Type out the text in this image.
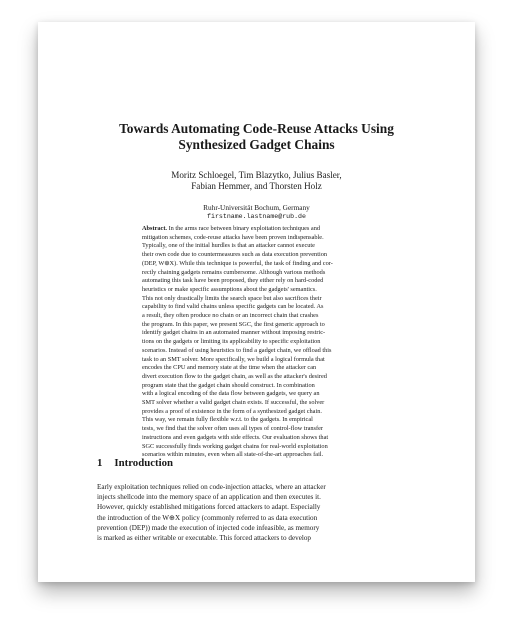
Towards Automating Code-Reuse Attacks Using
Synthesized Gadget Chains
Moritz Schloegel, Tim Blazytko, Julius Basler,
Fabian Hemmer, and Thorsten Holz
Ruhr-Universität Bochum, Germany
firstname.lastname@rub.de
Abstract. In the arms race between binary exploitation techniques and
mitigation schemes, code-reuse attacks have been proven indispensable.
Typically, one of the initial hurdles is that an attacker cannot execute
their own code due to countermeasures such as data execution prevention
(DEP, W⊕X). While this technique is powerful, the task of finding and cor-
rectly chaining gadgets remains cumbersome. Although various methods
automating this task have been proposed, they either rely on hard-coded
heuristics or make specific assumptions about the gadgets' semantics.
This not only drastically limits the search space but also sacrifices their
capability to find valid chains unless specific gadgets can be located. As
a result, they often produce no chain or an incorrect chain that crashes
the program. In this paper, we present SGC, the first generic approach to
identify gadget chains in an automated manner without imposing restric-
tions on the gadgets or limiting its applicability to specific exploitation
scenarios. Instead of using heuristics to find a gadget chain, we offload this
task to an SMT solver. More specifically, we build a logical formula that
encodes the CPU and memory state at the time when the attacker can
divert execution flow to the gadget chain, as well as the attacker's desired
program state that the gadget chain should construct. In combination
with a logical encoding of the data flow between gadgets, we query an
SMT solver whether a valid gadget chain exists. If successful, the solver
provides a proof of existence in the form of a synthesized gadget chain.
This way, we remain fully flexible w.r.t. to the gadgets. In empirical
tests, we find that the solver often uses all types of control-flow transfer
instructions and even gadgets with side effects. Our evaluation shows that
SGC successfully finds working gadget chains for real-world exploitation
scenarios within minutes, even when all state-of-the-art approaches fail.
1 Introduction
Early exploitation techniques relied on code-injection attacks, where an attacker
injects shellcode into the memory space of an application and then executes it.
However, quickly established mitigations forced attackers to adapt. Especially
the introduction of the W⊕X policy (commonly referred to as data execution
prevention (DEP)) made the execution of injected code infeasible, as memory
is marked as either writable or executable. This forced attackers to develop
